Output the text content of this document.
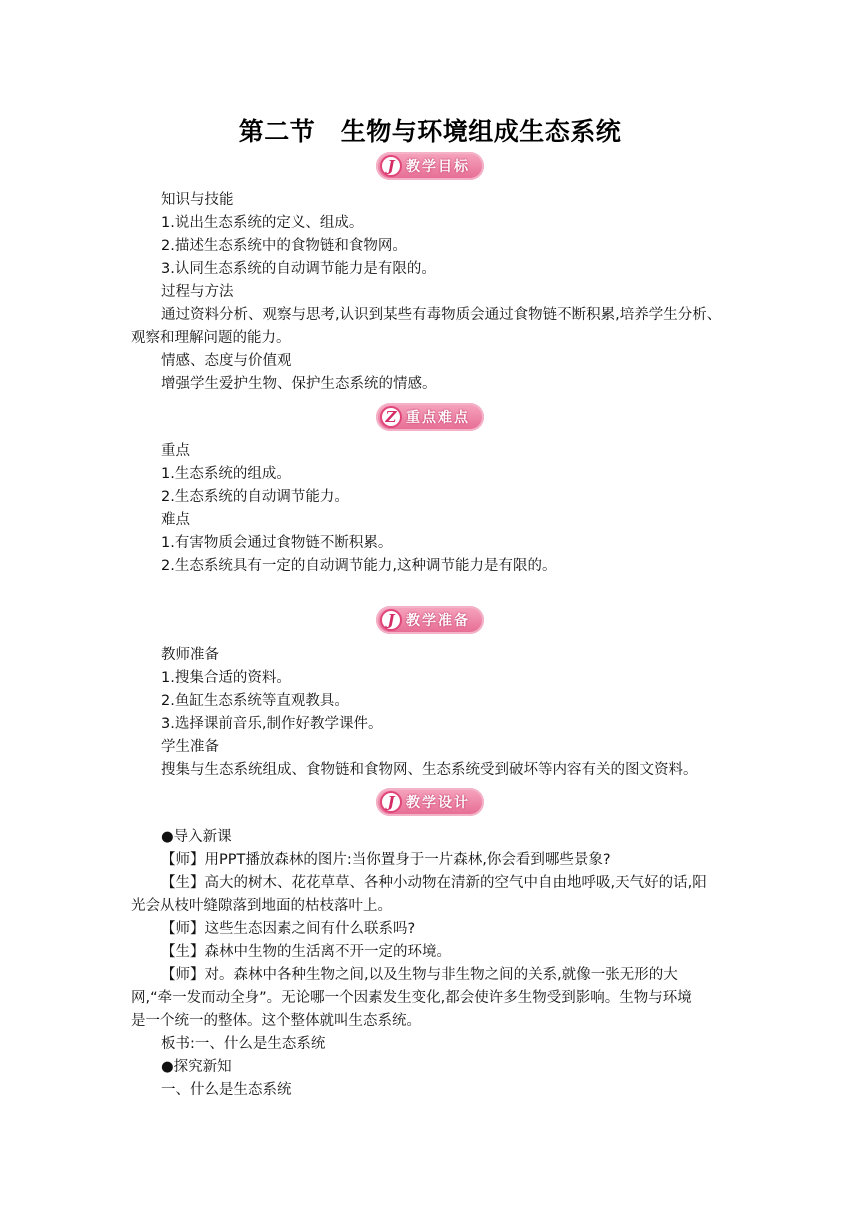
第二节　生物与环境组成生态系统
J 教学目标
知识与技能
1.说出生态系统的定义、组成。
2.描述生态系统中的食物链和食物网。
3.认同生态系统的自动调节能力是有限的。
过程与方法
通过资料分析、观察与思考,认识到某些有毒物质会通过食物链不断积累,培养学生分析、
观察和理解问题的能力。
情感、态度与价值观
增强学生爱护生物、保护生态系统的情感。
Z 重点难点
重点
1.生态系统的组成。
2.生态系统的自动调节能力。
难点
1.有害物质会通过食物链不断积累。
2.生态系统具有一定的自动调节能力,这种调节能力是有限的。
J 教学准备
教师准备
1.搜集合适的资料。
2.鱼缸生态系统等直观教具。
3.选择课前音乐,制作好教学课件。
学生准备
搜集与生态系统组成、食物链和食物网、生态系统受到破坏等内容有关的图文资料。
J 教学设计
●导入新课
【师】用PPT播放森林的图片:当你置身于一片森林,你会看到哪些景象?
【生】高大的树木、花花草草、各种小动物在清新的空气中自由地呼吸,天气好的话,阳
光会从枝叶缝隙落到地面的枯枝落叶上。
【师】这些生态因素之间有什么联系吗?
【生】森林中生物的生活离不开一定的环境。
【师】对。森林中各种生物之间,以及生物与非生物之间的关系,就像一张无形的大
网,“牵一发而动全身”。无论哪一个因素发生变化,都会使许多生物受到影响。生物与环境
是一个统一的整体。这个整体就叫生态系统。
板书:一、什么是生态系统
●探究新知
一、什么是生态系统
